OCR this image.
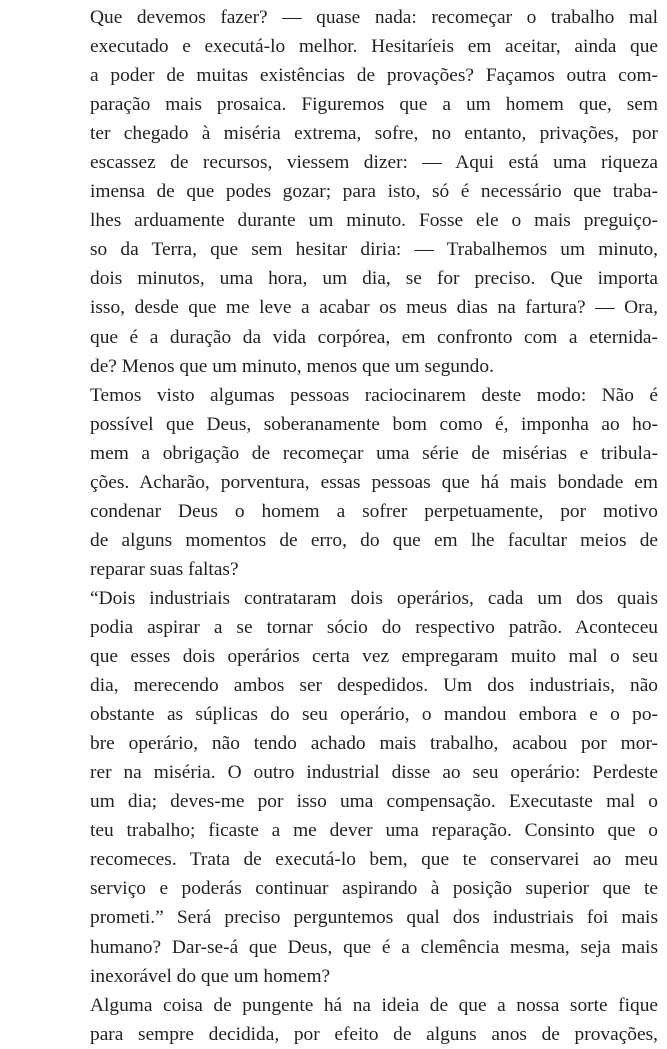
Que devemos fazer? — quase nada: recomeçar o trabalho mal
executado e executá-lo melhor. Hesitaríeis em aceitar, ainda que
a poder de muitas existências de provações? Façamos outra com-
paração mais prosaica. Figuremos que a um homem que, sem
ter chegado à miséria extrema, sofre, no entanto, privações, por
escassez de recursos, viessem dizer: — Aqui está uma riqueza
imensa de que podes gozar; para isto, só é necessário que traba-
lhes arduamente durante um minuto. Fosse ele o mais preguiço-
so da Terra, que sem hesitar diria: — Trabalhemos um minuto,
dois minutos, uma hora, um dia, se for preciso. Que importa
isso, desde que me leve a acabar os meus dias na fartura? — Ora,
que é a duração da vida corpórea, em confronto com a eternida-
de? Menos que um minuto, menos que um segundo.
Temos visto algumas pessoas raciocinarem deste modo: Não é
possível que Deus, soberanamente bom como é, imponha ao ho-
mem a obrigação de recomeçar uma série de misérias e tribula-
ções. Acharão, porventura, essas pessoas que há mais bondade em
condenar Deus o homem a sofrer perpetuamente, por motivo
de alguns momentos de erro, do que em lhe facultar meios de
reparar suas faltas?
“Dois industriais contrataram dois operários, cada um dos quais
podia aspirar a se tornar sócio do respectivo patrão. Aconteceu
que esses dois operários certa vez empregaram muito mal o seu
dia, merecendo ambos ser despedidos. Um dos industriais, não
obstante as súplicas do seu operário, o mandou embora e o po-
bre operário, não tendo achado mais trabalho, acabou por mor-
rer na miséria. O outro industrial disse ao seu operário: Perdeste
um dia; deves-me por isso uma compensação. Executaste mal o
teu trabalho; ficaste a me dever uma reparação. Consinto que o
recomeces. Trata de executá-lo bem, que te conservarei ao meu
serviço e poderás continuar aspirando à posição superior que te
prometi.” Será preciso perguntemos qual dos industriais foi mais
humano? Dar-se-á que Deus, que é a clemência mesma, seja mais
inexorável do que um homem?
Alguma coisa de pungente há na ideia de que a nossa sorte fique
para sempre decidida, por efeito de alguns anos de provações,
